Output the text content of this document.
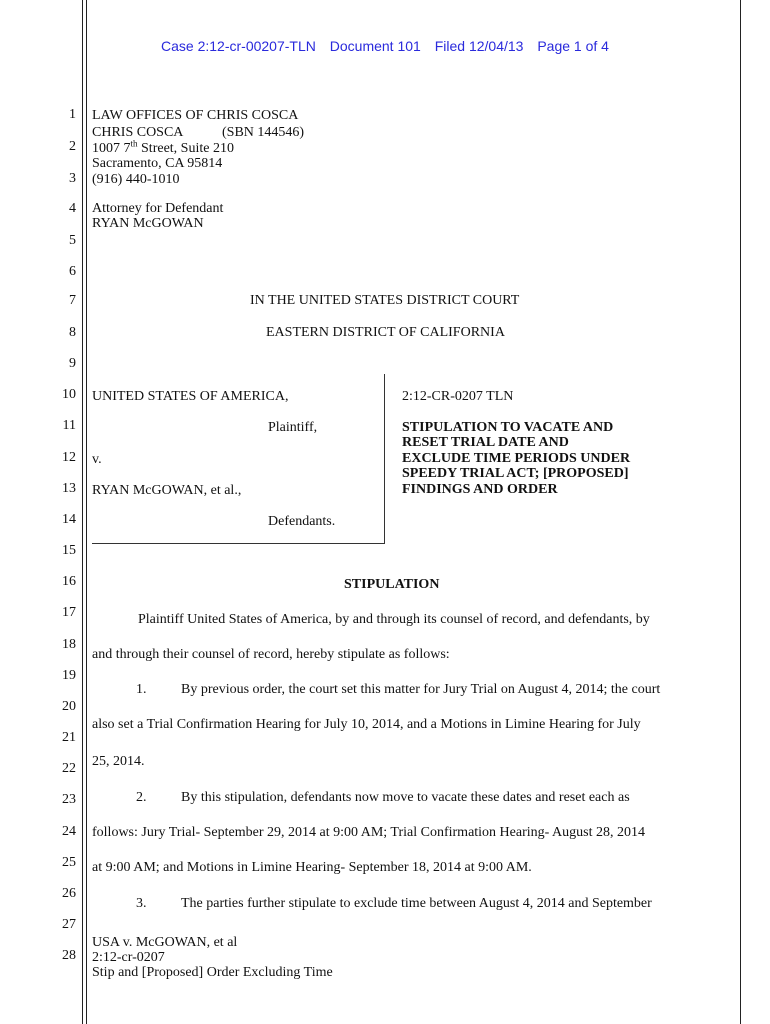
Case 2:12-cr-00207-TLN Document 101 Filed 12/04/13 Page 1 of 4
1
2
3
4
5
6
7
8
9
10
11
12
13
14
15
16
17
18
19
20
21
22
23
24
25
26
27
28
LAW OFFICES OF CHRIS COSCA
CHRIS COSCA	(SBN 144546)
1007 7th Street, Suite 210
Sacramento, CA 95814
(916) 440-1010
Attorney for Defendant
RYAN McGOWAN
IN THE UNITED STATES DISTRICT COURT
EASTERN DISTRICT OF CALIFORNIA
UNITED STATES OF AMERICA,
Plaintiff,
v.
RYAN McGOWAN, et al.,
Defendants.
2:12-CR-0207 TLN
STIPULATION TO VACATE AND
RESET TRIAL DATE AND
EXCLUDE TIME PERIODS UNDER
SPEEDY TRIAL ACT; [PROPOSED]
FINDINGS AND ORDER
STIPULATION
Plaintiff United States of America, by and through its counsel of record, and defendants, by
and through their counsel of record, hereby stipulate as follows:
1. By previous order, the court set this matter for Jury Trial on August 4, 2014; the court
also set a Trial Confirmation Hearing for July 10, 2014, and a Motions in Limine Hearing for July
25, 2014.
2. By this stipulation, defendants now move to vacate these dates and reset each as
follows: Jury Trial- September 29, 2014 at 9:00 AM; Trial Confirmation Hearing- August 28, 2014
at 9:00 AM; and Motions in Limine Hearing- September 18, 2014 at 9:00 AM.
3. The parties further stipulate to exclude time between August 4, 2014 and September
USA v. McGOWAN, et al
2:12-cr-0207
Stip and [Proposed] Order Excluding Time
